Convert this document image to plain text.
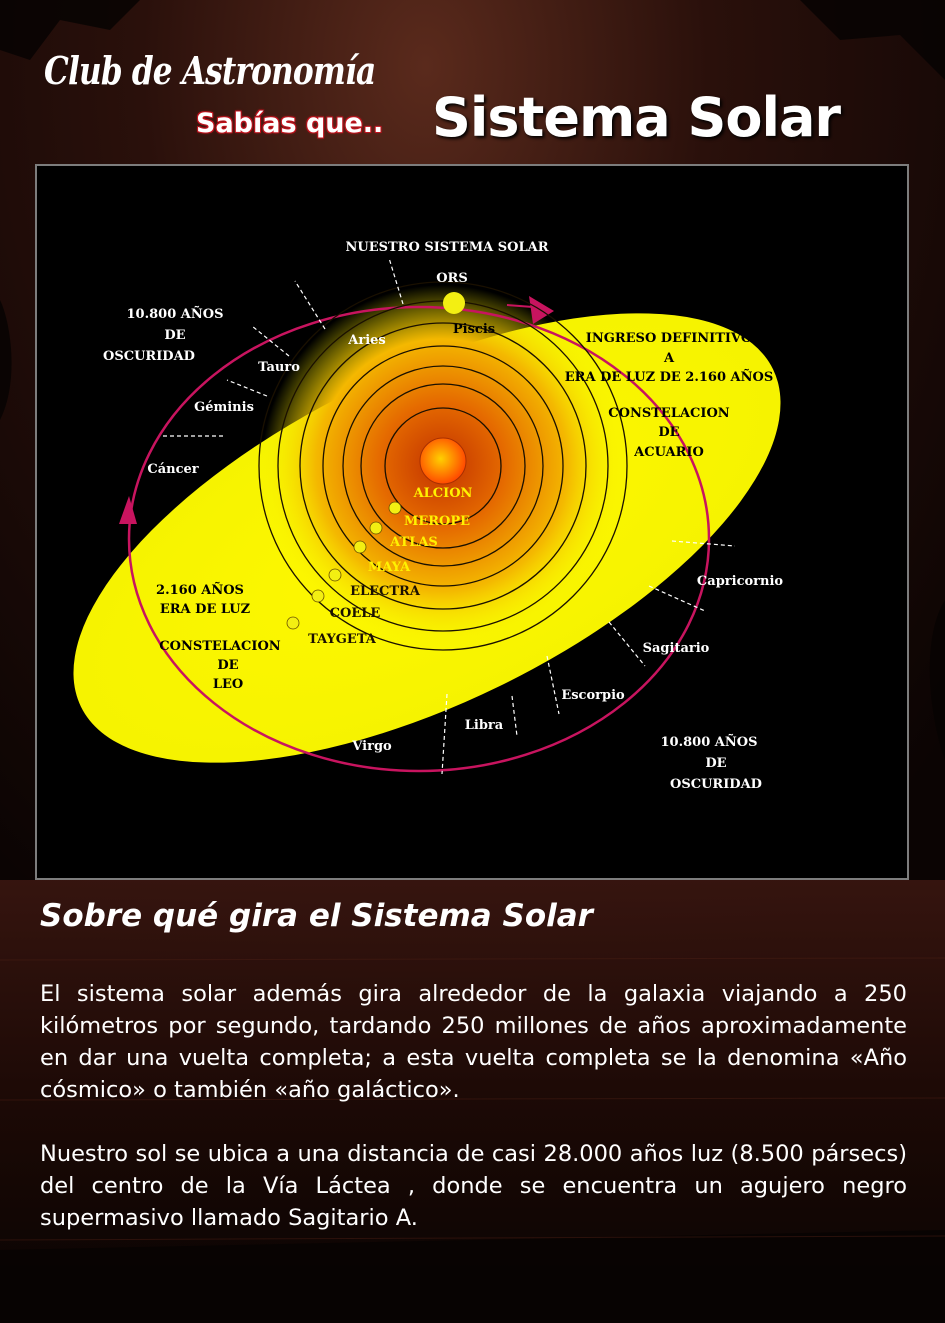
Club de Astronomía
Sabías que.. Sistema Solar
NUESTRO SISTEMA SOLAR
ORS
Piscis
Aries
Tauro
Géminis
Cáncer
Capricornio
Sagitario
Escorpio
Libra
Virgo
ALCION
MEROPE
ATLAS
MAYA
ELECTRA
COELE
TAYGETA
10.800 AÑOS
DE
OSCURIDAD
10.800 AÑOS
DE
OSCURIDAD
INGRESO DEFINITIVO
A
ERA DE LUZ DE 2.160 AÑOS
CONSTELACION
DE
ACUARIO
2.160 AÑOS
ERA DE LUZ
CONSTELACION
DE
LEO
Sobre qué gira el Sistema Solar

El sistema solar además gira alrededor de la galaxia viajando a 250 kilómetros por segundo, tardando 250 millones de años aproximadamente en dar una vuelta completa; a esta vuelta completa se la denomina «Año cósmico» o también «año galáctico».

Nuestro sol se ubica a una distancia de casi 28.000 años luz (8.500 pársecs) del centro de la Vía Láctea , donde se encuentra un agujero negro supermasivo llamado Sagitario A.
